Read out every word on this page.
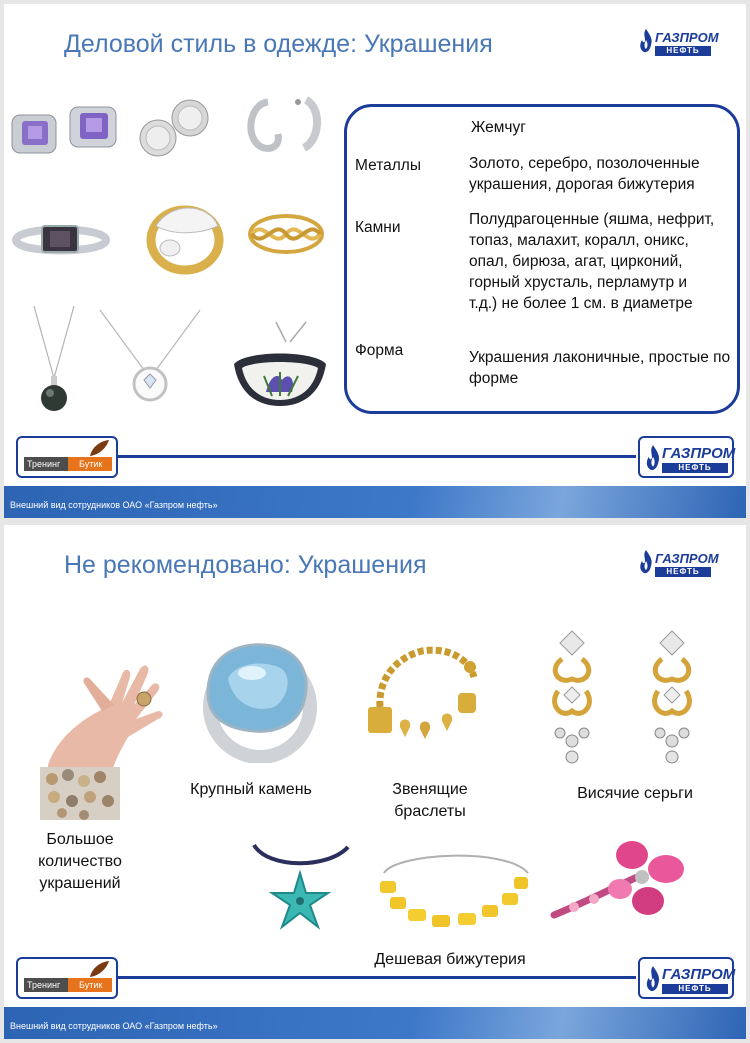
Деловой стиль в одежде: Украшения	ГАЗПРОМ
НЕФТЬ
Жемчуг
Металлы	Золото, серебро, позолоченные украшения, дорогая бижутерия
Камни	Полудрагоценные (яшма, нефрит, топаз, малахит, коралл, оникс, опал, бирюза, агат, цирконий, горный хрусталь, перламутр и т.д.) не более 1 см. в диаметре
Форма	Украшения лаконичные, простые по форме
Тренинг	Бутик
ГАЗПРОМ
НЕФТЬ
Внешний вид сотрудников ОАО «Газпром нефть»
Не рекомендовано: Украшения	ГАЗПРОМ
НЕФТЬ
Крупный камень	Звенящие браслеты
Висячие серьги
Большое количество украшений
Дешевая бижутерия
Тренинг	Бутик
ГАЗПРОМ
НЕФТЬ
Внешний вид сотрудников ОАО «Газпром нефть»
